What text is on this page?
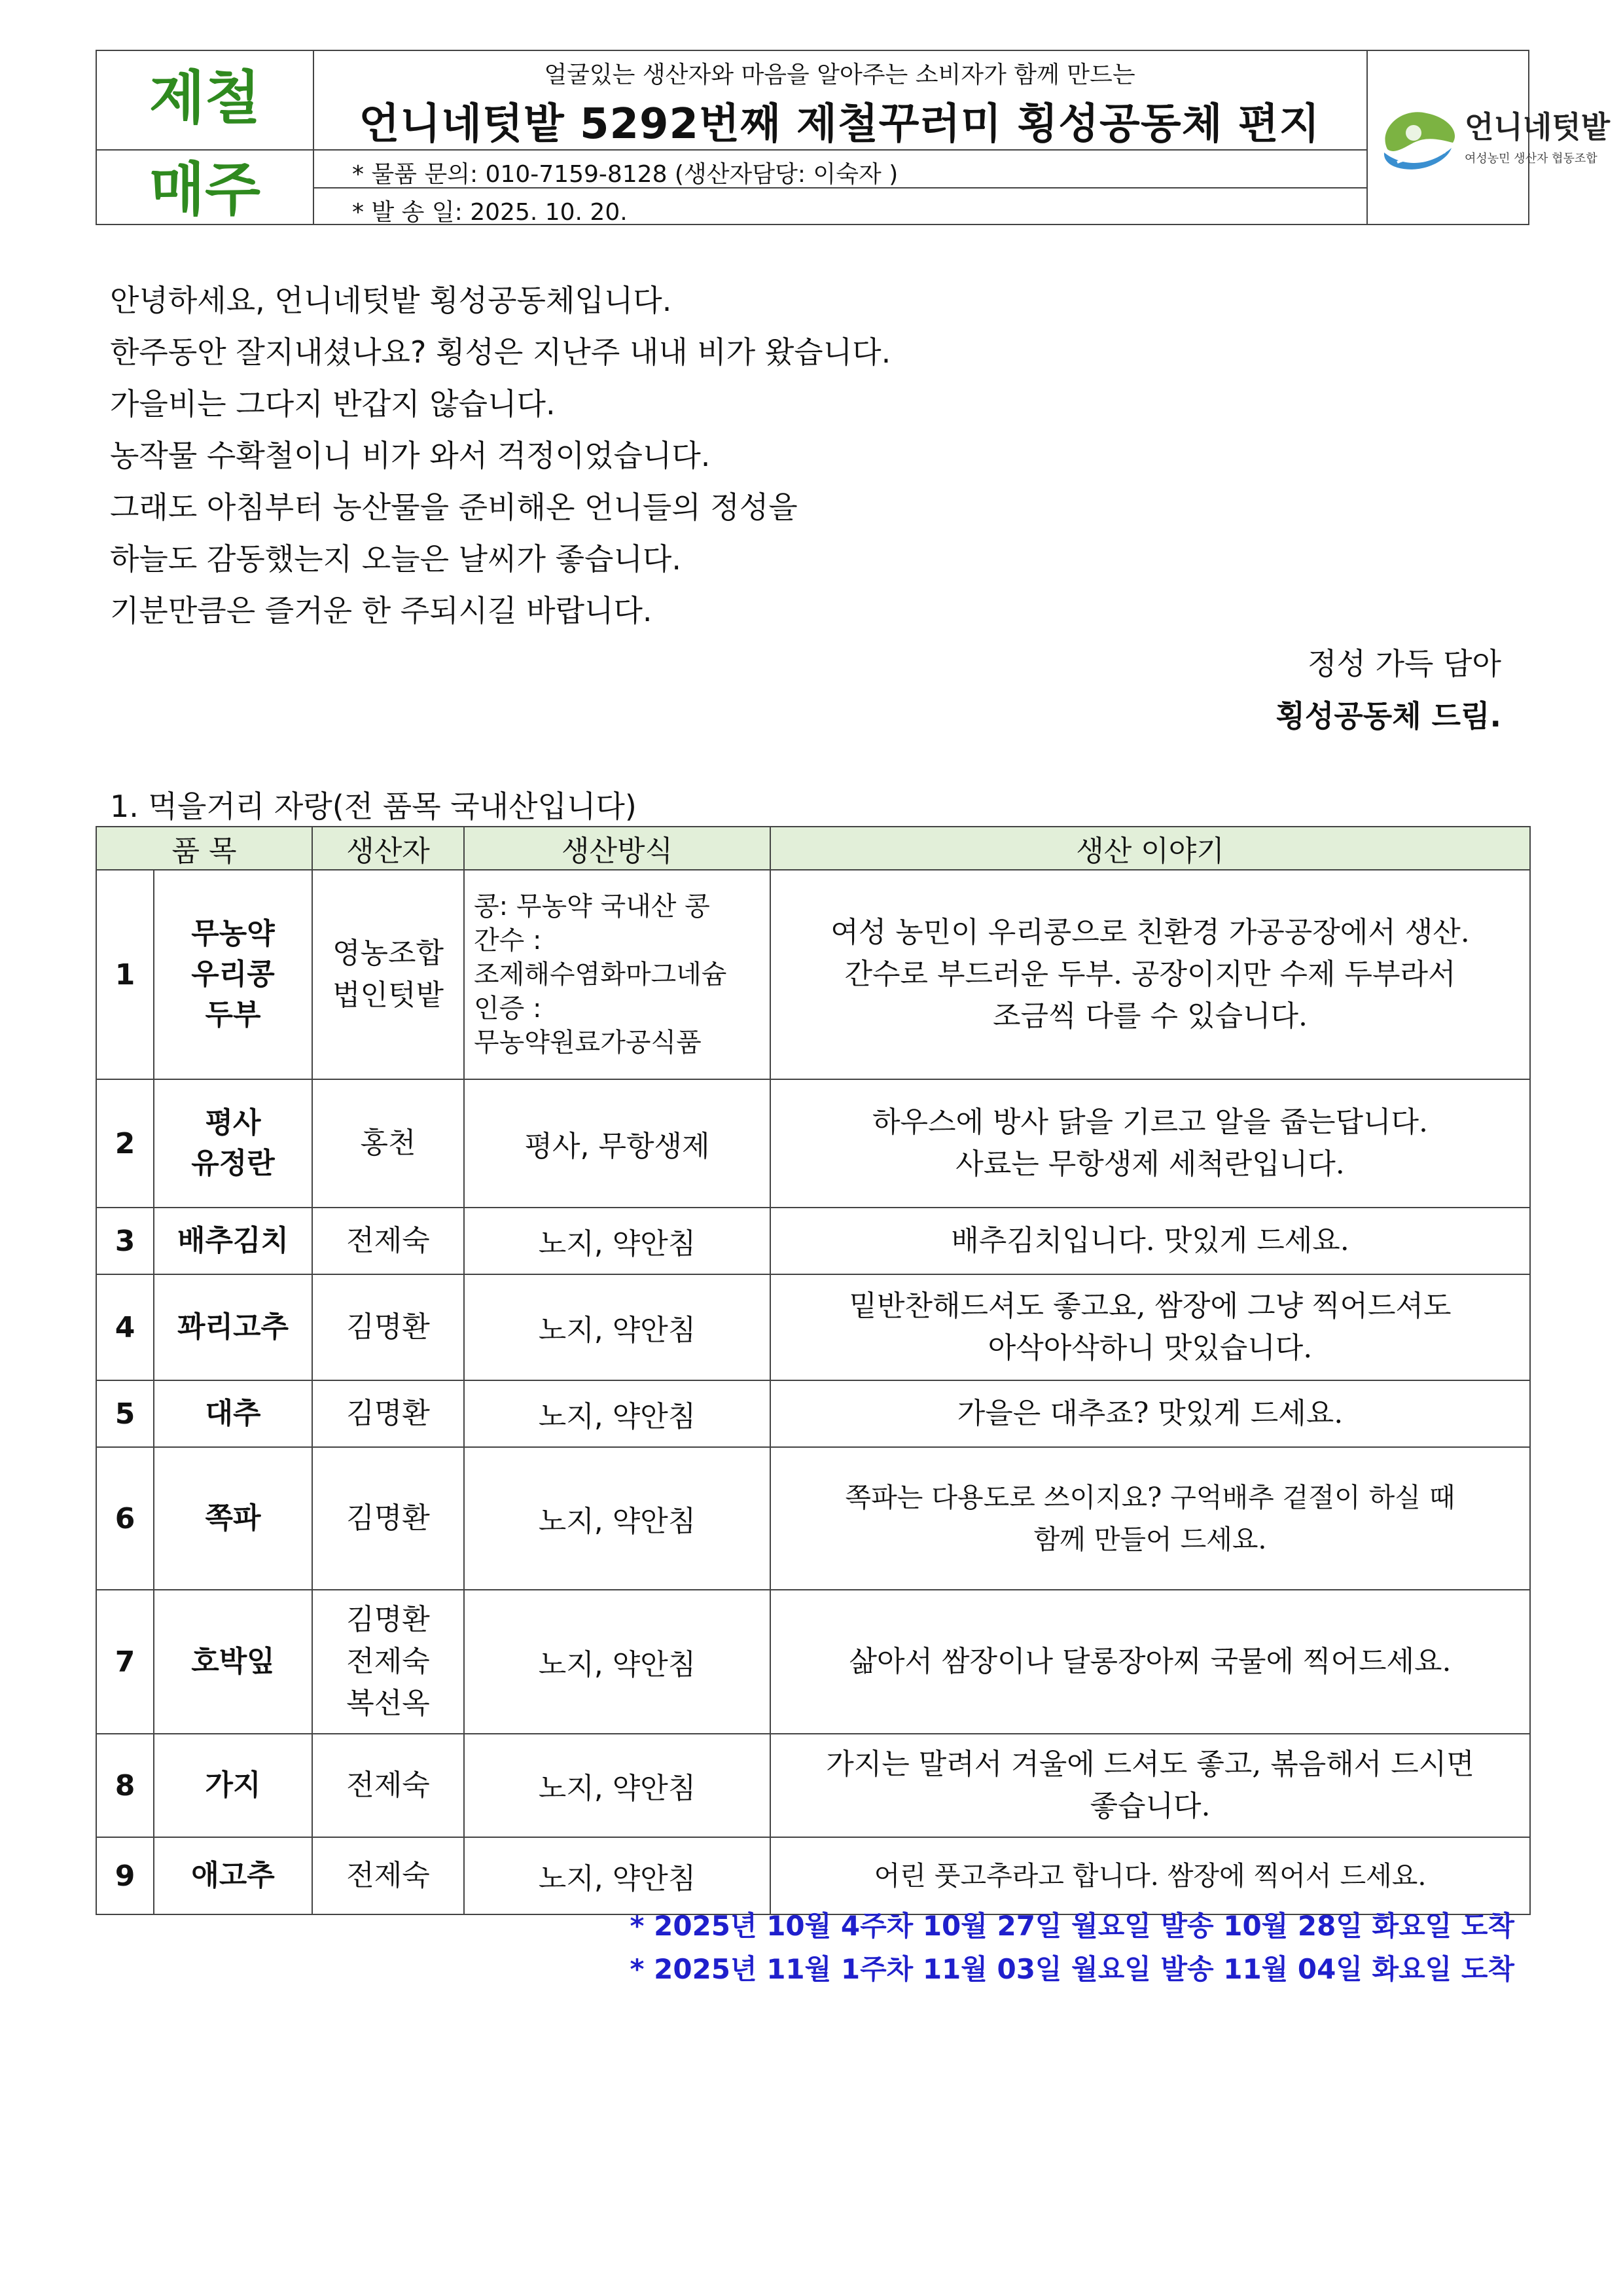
제철
매주
얼굴있는 생산자와 마음을 알아주는 소비자가 함께 만드는
언니네텃밭 5292번째 제철꾸러미 횡성공동체 편지
* 물품 문의: 010-7159-8128 (생산자담당: 이숙자 )
* 발 송 일: 2025. 10. 20.
언니네텃밭
여성농민 생산자 협동조합
안녕하세요, 언니네텃밭 횡성공동체입니다.
한주동안 잘지내셨나요? 횡성은 지난주 내내 비가 왔습니다.
가을비는 그다지 반갑지 않습니다.
농작물 수확철이니 비가 와서 걱정이었습니다.
그래도 아침부터 농산물을 준비해온 언니들의 정성을
하늘도 감동했는지 오늘은 날씨가 좋습니다.
기분만큼은 즐거운 한 주되시길 바랍니다.
정성 가득 담아
횡성공동체 드림.
1. 먹을거리 자랑(전 품목 국내산입니다)
품 목		생산자	생산방식	생산 이야기
1	무농약
우리콩
두부	영농조합
법인텃밭	콩: 무농약 국내산 콩
간수 :
조제해수염화마그네슘
인증 :
무농약원료가공식품	여성 농민이 우리콩으로 친환경 가공공장에서 생산.
간수로 부드러운 두부. 공장이지만 수제 두부라서
조금씩 다를 수 있습니다.
2	평사
유정란	홍천	평사, 무항생제	하우스에 방사 닭을 기르고 알을 줍는답니다.
사료는 무항생제 세척란입니다.
3	배추김치	전제숙	노지, 약안침	배추김치입니다. 맛있게 드세요.
4	꽈리고추	김명환	노지, 약안침	밑반찬해드셔도 좋고요, 쌈장에 그냥 찍어드셔도
아삭아삭하니 맛있습니다.
5	대추	김명환	노지, 약안침	가을은 대추죠? 맛있게 드세요.
6	쪽파	김명환	노지, 약안침	쪽파는 다용도로 쓰이지요? 구억배추 겉절이 하실 때
함께 만들어 드세요.
7	호박잎	김명환
전제숙
복선옥	노지, 약안침	삶아서 쌈장이나 달롱장아찌 국물에 찍어드세요.
8	가지	전제숙	노지, 약안침	가지는 말려서 겨울에 드셔도 좋고, 볶음해서 드시면
좋습니다.
9	애고추	전제숙	노지, 약안침	어린 풋고추라고 합니다. 쌈장에 찍어서 드세요.
* 2025년 10월 4주차 10월 27일 월요일 발송 10월 28일 화요일 도착
* 2025년 11월 1주차 11월 03일 월요일 발송 11월 04일 화요일 도착
